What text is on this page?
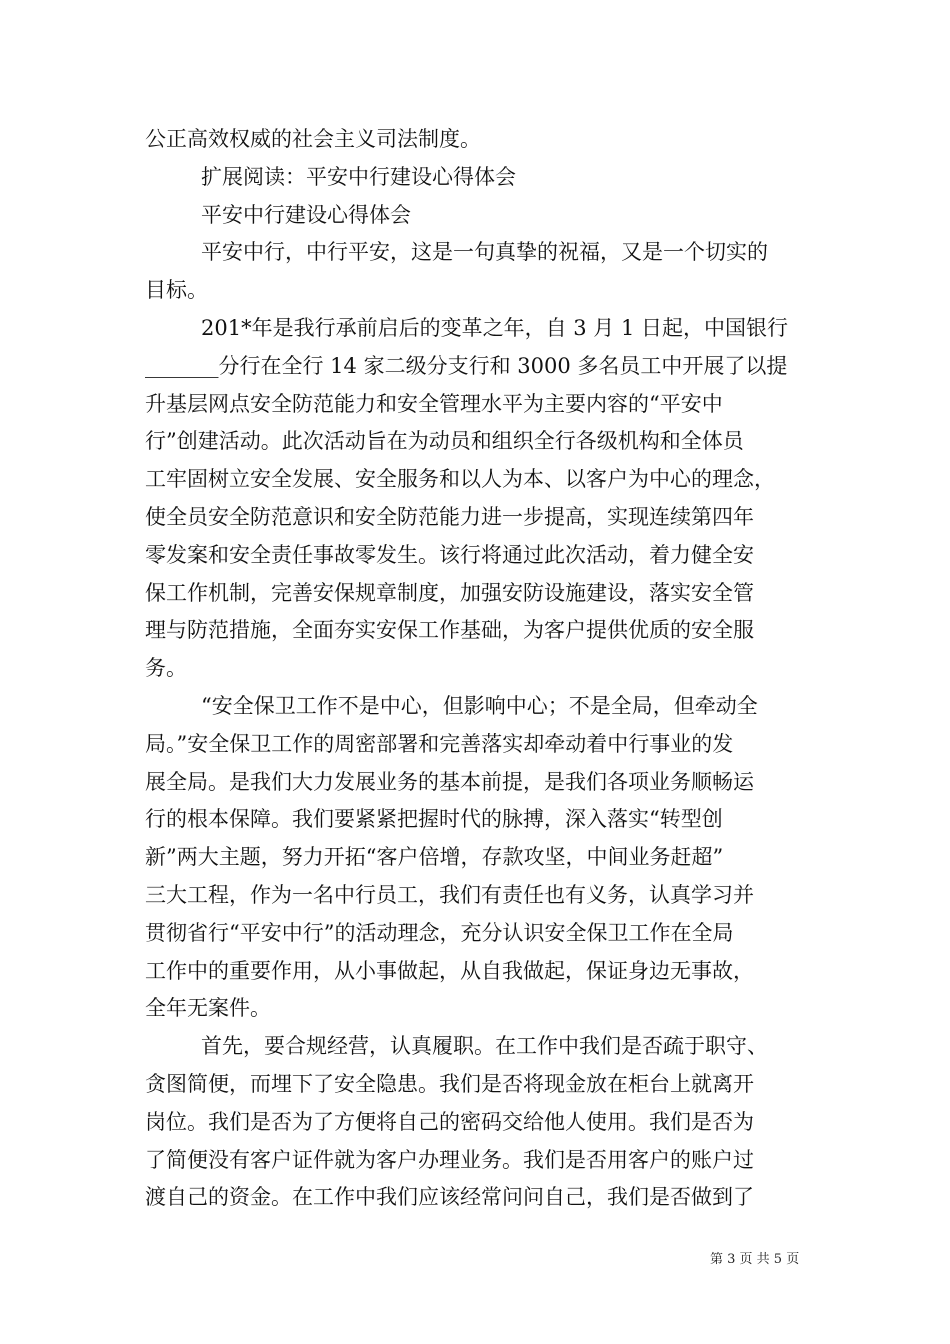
公正高效权威的社会主义司法制度。
扩展阅读：平安中行建设心得体会
平安中行建设心得体会
平安中行，中行平安，这是一句真挚的祝福，又是一个切实的
目标。
201*年是我行承前启后的变革之年，自 3 月 1 日起，中国银行
_______分行在全行 14 家二级分支行和 3000 多名员工中开展了以提
升基层网点安全防范能力和安全管理水平为主要内容的“平安中
行”创建活动。此次活动旨在为动员和组织全行各级机构和全体员
工牢固树立安全发展、安全服务和以人为本、以客户为中心的理念，
使全员安全防范意识和安全防范能力进一步提高，实现连续第四年
零发案和安全责任事故零发生。该行将通过此次活动，着力健全安
保工作机制，完善安保规章制度，加强安防设施建设，落实安全管
理与防范措施，全面夯实安保工作基础，为客户提供优质的安全服
务。
“安全保卫工作不是中心，但影响中心；不是全局，但牵动全
局。”安全保卫工作的周密部署和完善落实却牵动着中行事业的发
展全局。是我们大力发展业务的基本前提，是我们各项业务顺畅运
行的根本保障。我们要紧紧把握时代的脉搏，深入落实“转型创
新”两大主题，努力开拓“客户倍增，存款攻坚，中间业务赶超”
三大工程，作为一名中行员工，我们有责任也有义务，认真学习并
贯彻省行“平安中行”的活动理念，充分认识安全保卫工作在全局
工作中的重要作用，从小事做起，从自我做起，保证身边无事故，
全年无案件。
首先，要合规经营，认真履职。在工作中我们是否疏于职守、
贪图简便，而埋下了安全隐患。我们是否将现金放在柜台上就离开
岗位。我们是否为了方便将自己的密码交给他人使用。我们是否为
了简便没有客户证件就为客户办理业务。我们是否用客户的账户过
渡自己的资金。在工作中我们应该经常问问自己，我们是否做到了
第 3 页 共 5 页
